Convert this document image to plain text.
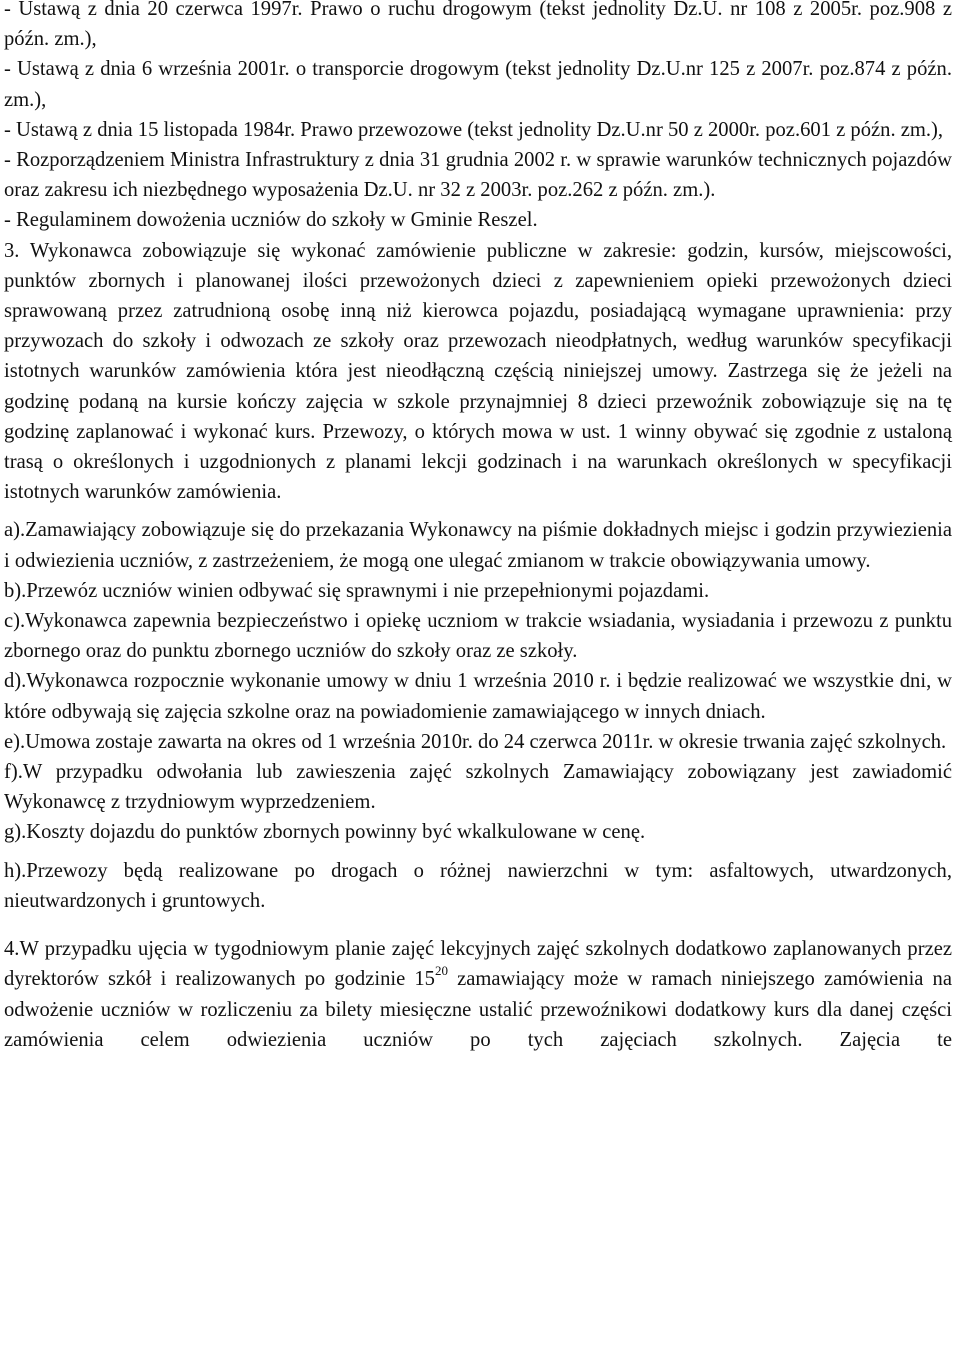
- Ustawą z dnia 20 czerwca 1997r. Prawo o ruchu drogowym (tekst jednolity Dz.U. nr 108 z 2005r. poz.908 z późn. zm.),

- Ustawą z dnia 6 września 2001r. o transporcie drogowym (tekst jednolity Dz.U.nr 125 z 2007r. poz.874 z późn. zm.),

- Ustawą z dnia 15 listopada 1984r. Prawo przewozowe (tekst jednolity Dz.U.nr 50 z 2000r. poz.601 z późn. zm.),

- Rozporządzeniem Ministra Infrastruktury z dnia 31 grudnia 2002 r. w sprawie warunków technicznych pojazdów oraz zakresu ich niezbędnego wyposażenia Dz.U. nr 32 z 2003r. poz.262 z późn. zm.).

- Regulaminem dowożenia uczniów do szkoły w Gminie Reszel.

3. Wykonawca zobowiązuje się wykonać zamówienie publiczne w zakresie: godzin, kursów, miejscowości, punktów zbornych i planowanej ilości przewożonych dzieci z zapewnieniem opieki przewożonych dzieci sprawowaną przez zatrudnioną osobę inną niż kierowca pojazdu, posiadającą wymagane uprawnienia: przy przywozach do szkoły i odwozach ze szkoły oraz przewozach nieodpłatnych, według warunków specyfikacji istotnych warunków zamówienia która jest nieodłączną częścią niniejszej umowy. Zastrzega się że jeżeli na godzinę podaną na kursie kończy zajęcia w szkole przynajmniej 8 dzieci przewoźnik zobowiązuje się na tę godzinę zaplanować i wykonać kurs. Przewozy, o których mowa w ust. 1 winny obywać się zgodnie z ustaloną trasą o określonych i uzgodnionych z planami lekcji godzinach i na warunkach określonych w specyfikacji istotnych warunków zamówienia.

a).Zamawiający zobowiązuje się do przekazania Wykonawcy na piśmie dokładnych miejsc i godzin przywiezienia i odwiezienia uczniów, z zastrzeżeniem, że mogą one ulegać zmianom w trakcie obowiązywania umowy.

b).Przewóz uczniów winien odbywać się sprawnymi i nie przepełnionymi pojazdami.

c).Wykonawca zapewnia bezpieczeństwo i opiekę uczniom w trakcie wsiadania, wysiadania i przewozu z punktu zbornego oraz do punktu zbornego uczniów do szkoły oraz ze szkoły.

d).Wykonawca rozpocznie wykonanie umowy w dniu 1 września 2010 r. i będzie realizować we wszystkie dni, w które odbywają się zajęcia szkolne oraz na powiadomienie zamawiającego w innych dniach.

e).Umowa zostaje zawarta na okres od 1 września 2010r. do 24 czerwca 2011r. w okresie trwania zajęć szkolnych.

f).W przypadku odwołania lub zawieszenia zajęć szkolnych Zamawiający zobowiązany jest zawiadomić Wykonawcę z trzydniowym wyprzedzeniem.

g).Koszty dojazdu do punktów zbornych powinny być wkalkulowane w cenę.

h).Przewozy będą realizowane po drogach o różnej nawierzchni w tym: asfaltowych, utwardzonych, nieutwardzonych i gruntowych.

4.W przypadku ujęcia w tygodniowym planie zajęć lekcyjnych zajęć szkolnych dodatkowo zaplanowanych przez dyrektorów szkół i realizowanych po godzinie $15^{20}$ zamawiający może w ramach niniejszego zamówienia na odwożenie uczniów w rozliczeniu za bilety miesięczne ustalić przewoźnikowi dodatkowy kurs dla danej części zamówienia celem odwiezienia uczniów po tych zajęciach szkolnych. Zajęcia te
